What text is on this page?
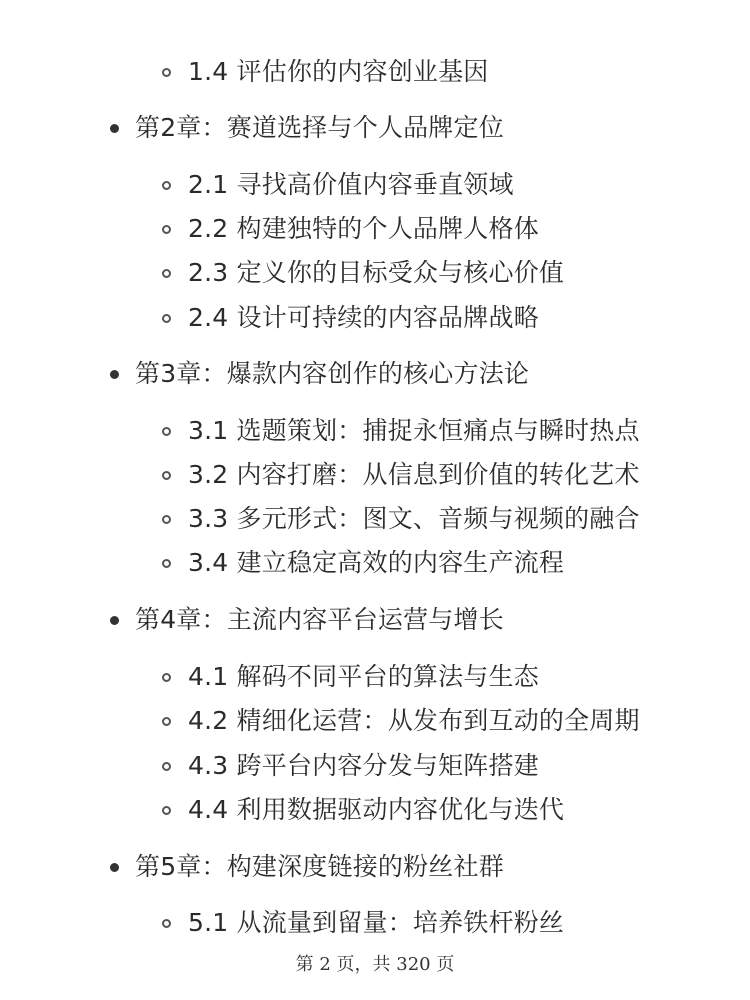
1.4 评估你的内容创业基因
第2章：赛道选择与个人品牌定位
2.1 寻找高价值内容垂直领域
2.2 构建独特的个人品牌人格体
2.3 定义你的目标受众与核心价值
2.4 设计可持续的内容品牌战略
第3章：爆款内容创作的核心方法论
3.1 选题策划：捕捉永恒痛点与瞬时热点
3.2 内容打磨：从信息到价值的转化艺术
3.3 多元形式：图文、音频与视频的融合
3.4 建立稳定高效的内容生产流程
第4章：主流内容平台运营与增长
4.1 解码不同平台的算法与生态
4.2 精细化运营：从发布到互动的全周期
4.3 跨平台内容分发与矩阵搭建
4.4 利用数据驱动内容优化与迭代
第5章：构建深度链接的粉丝社群
5.1 从流量到留量：培养铁杆粉丝
第 2 页，共 320 页
